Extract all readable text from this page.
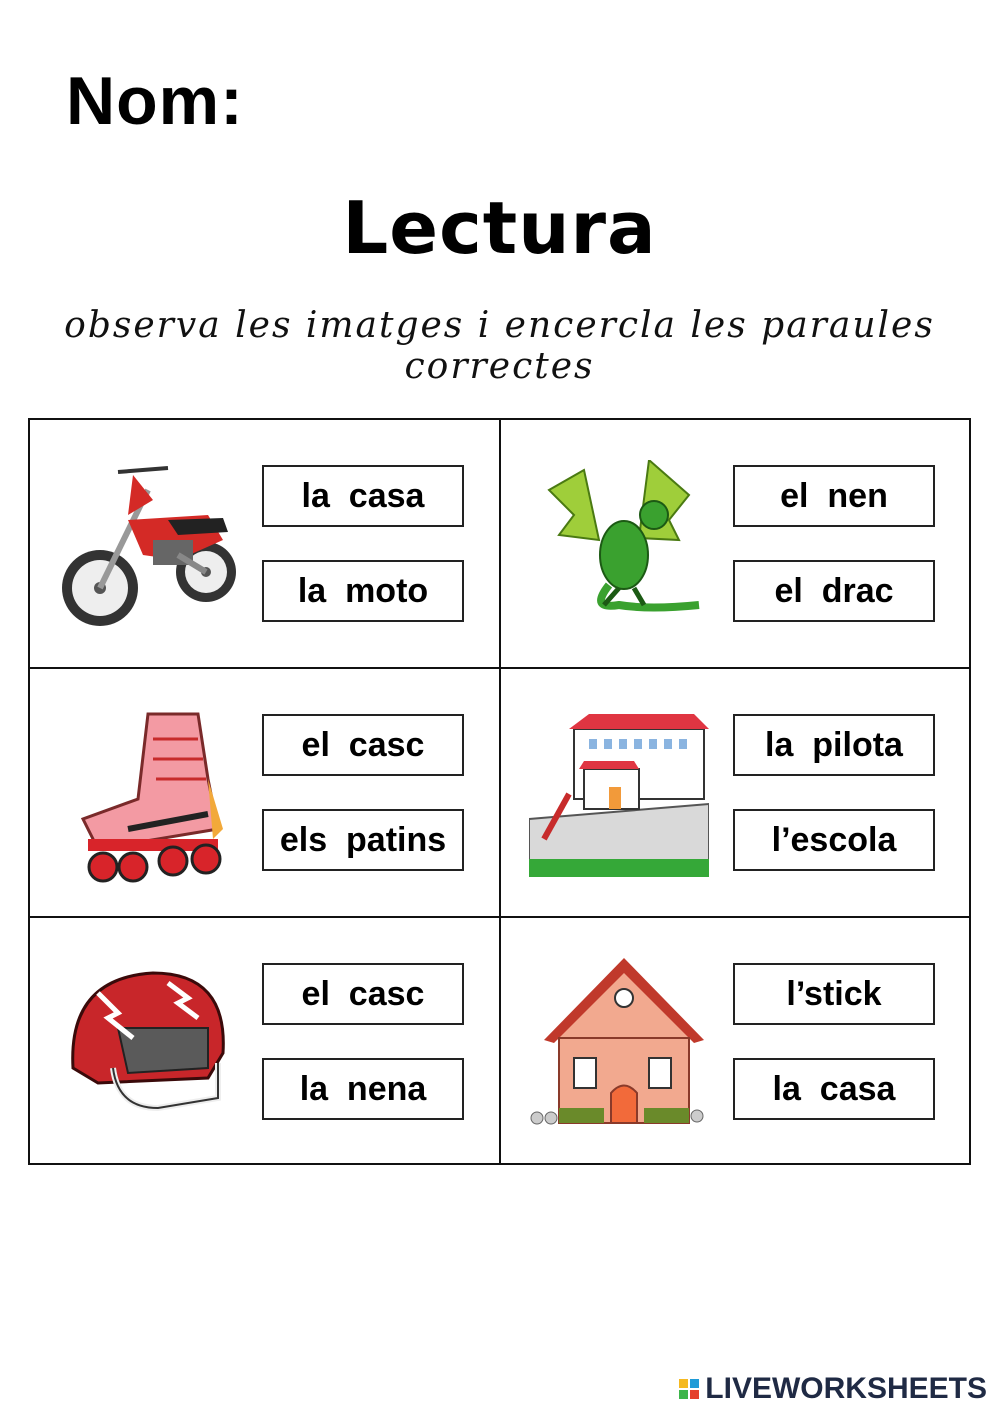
Nom:
Lectura
observa les imatges i encercla les paraules correctes
la  casa
la  moto
el  nen
el  drac
el  casc
els  patins
la  pilota
l’escola
el  casc
la  nena
l’stick
la  casa
LIVEWORKSHEETS
